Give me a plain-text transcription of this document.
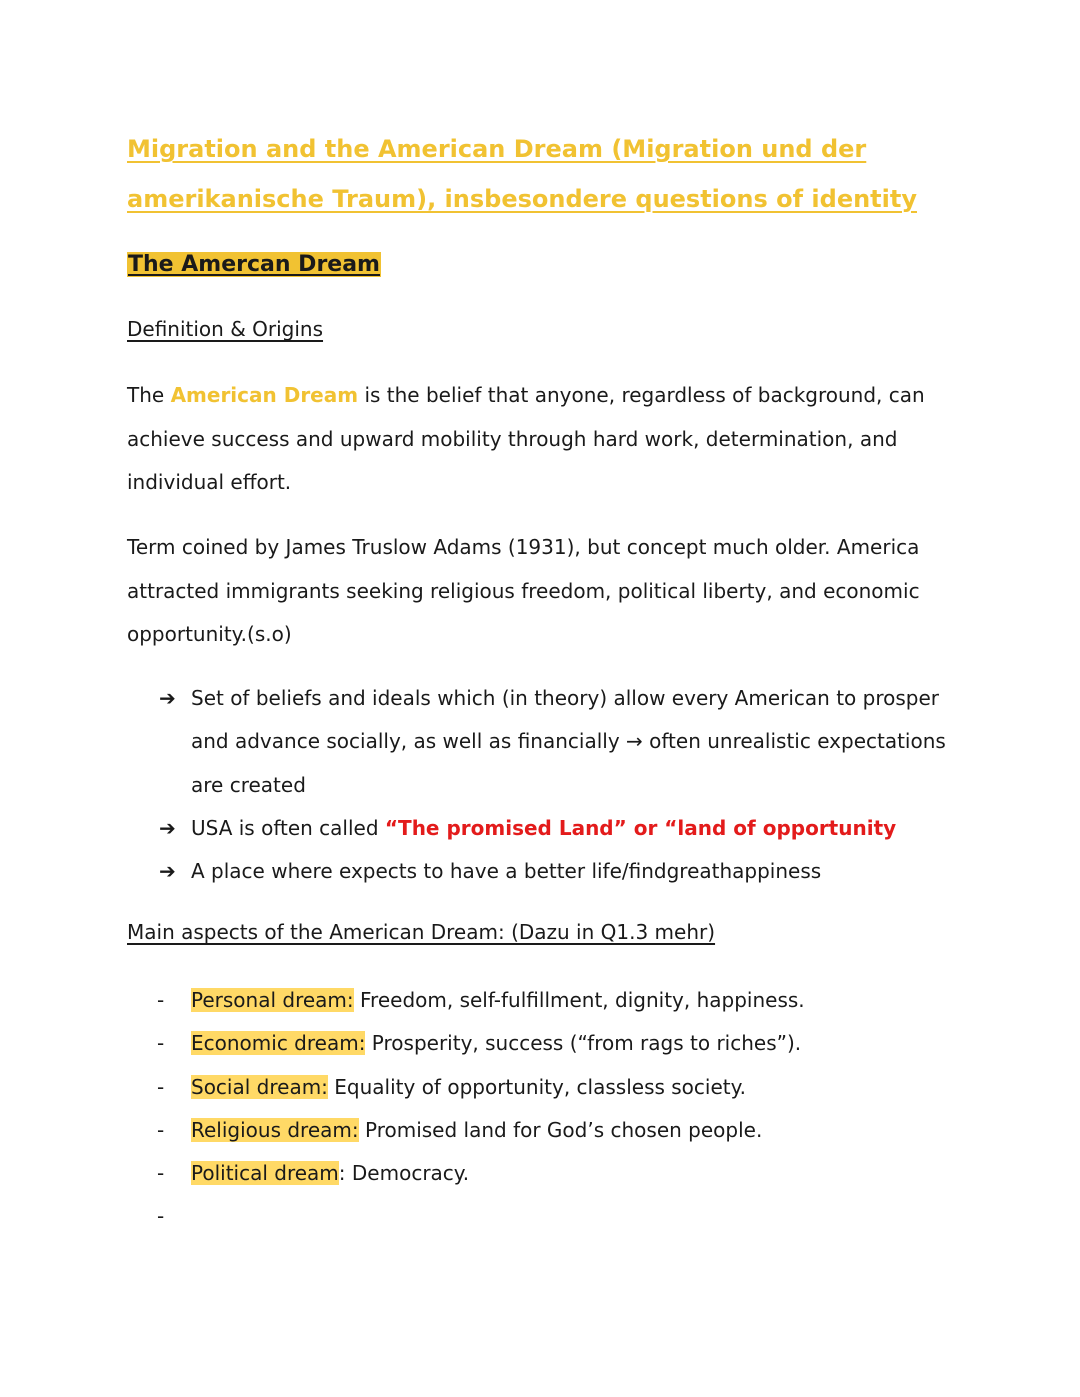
Migration and the American Dream (Migration und der
amerikanische Traum), insbesondere questions of identity
The Amercan Dream
Definition & Origins

The American Dream is the belief that anyone, regardless of background, can
achieve success and upward mobility through hard work, determination, and
individual effort.

Term coined by James Truslow Adams (1931), but concept much older. America
attracted immigrants seeking religious freedom, political liberty, and economic
opportunity.(s.o)

➔ Set of beliefs and ideals which (in theory) allow every American to prosper
and advance socially, as well as financially → often unrealistic expectations
are created
➔ USA is often called “The promised Land” or “land of opportunity
➔ A place where expects to have a better life/findgreathappiness
Main aspects of the American Dream: (Dazu in Q1.3 mehr)
- Personal dream: Freedom, self-fulfillment, dignity, happiness.
- Economic dream: Prosperity, success (“from rags to riches”).
- Social dream: Equality of opportunity, classless society.
- Religious dream: Promised land for God’s chosen people.
- Political dream: Democracy.
-
